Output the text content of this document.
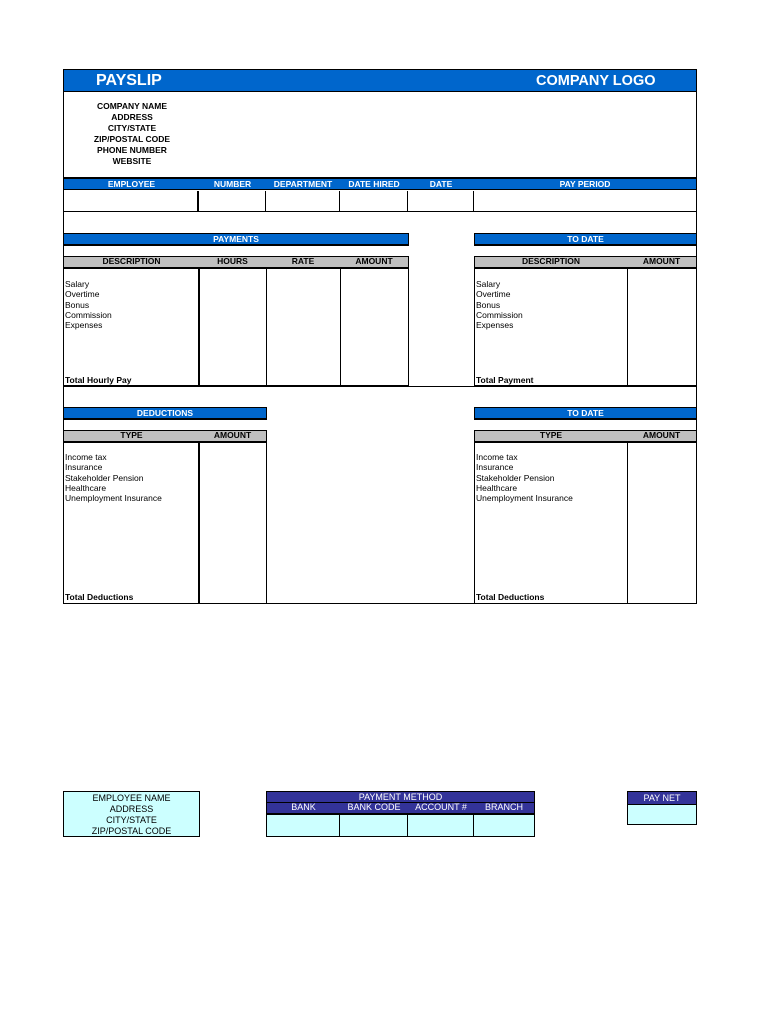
PAYSLIP	COMPANY LOGO
COMPANY NAME
ADDRESS
CITY/STATE
ZIP/POSTAL CODE
PHONE NUMBER
WEBSITE
EMPLOYEE	NUMBER	DEPARTMENT	DATE HIRED	DATE	PAY PERIOD
PAYMENTS
DESCRIPTION	HOURS	RATE	AMOUNT
Salary
Overtime
Bonus
Commission
Expenses
Total Hourly Pay
TO DATE
DESCRIPTION	AMOUNT
Salary
Overtime
Bonus
Commission
Expenses
Total Payment
DEDUCTIONS
TYPE	AMOUNT
Income tax
Insurance
Stakeholder Pension
Healthcare
Unemployment Insurance
Total Deductions
TO DATE
TYPE	AMOUNT
Income tax
Insurance
Stakeholder Pension
Healthcare
Unemployment Insurance
Total Deductions
EMPLOYEE NAME
ADDRESS
CITY/STATE
ZIP/POSTAL CODE
PAYMENT METHOD
BANK	BANK CODE	ACCOUNT #	BRANCH
PAY NET
